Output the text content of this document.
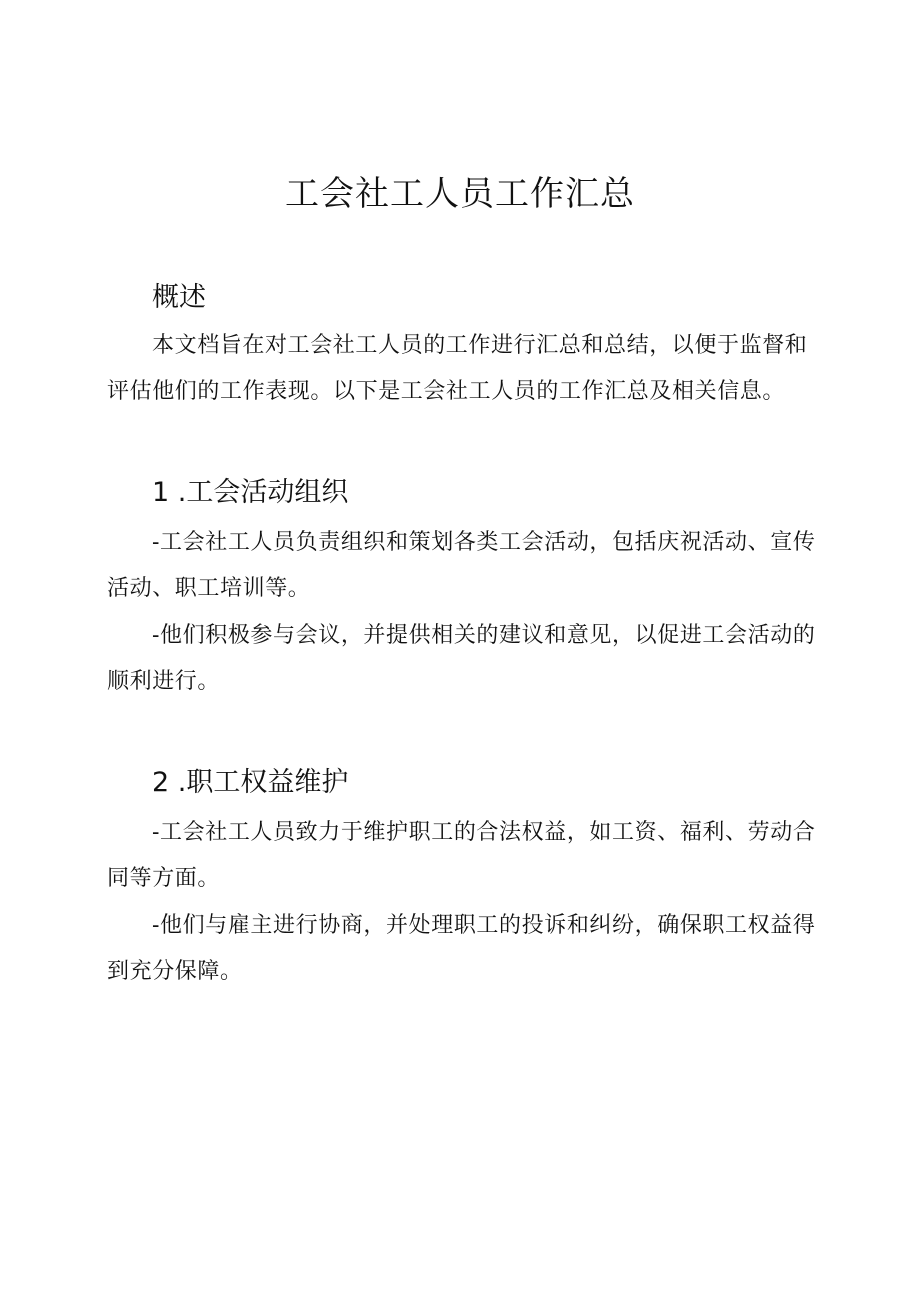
工会社工人员工作汇总
概述

本文档旨在对工会社工人员的工作进行汇总和总结，以便于监督和评估他们的工作表现。以下是工会社工人员的工作汇总及相关信息。

1 .工会活动组织

-工会社工人员负责组织和策划各类工会活动，包括庆祝活动、宣传活动、职工培训等。

-他们积极参与会议，并提供相关的建议和意见，以促进工会活动的顺利进行。

2 .职工权益维护

-工会社工人员致力于维护职工的合法权益，如工资、福利、劳动合同等方面。

-他们与雇主进行协商，并处理职工的投诉和纠纷，确保职工权益得到充分保障。
